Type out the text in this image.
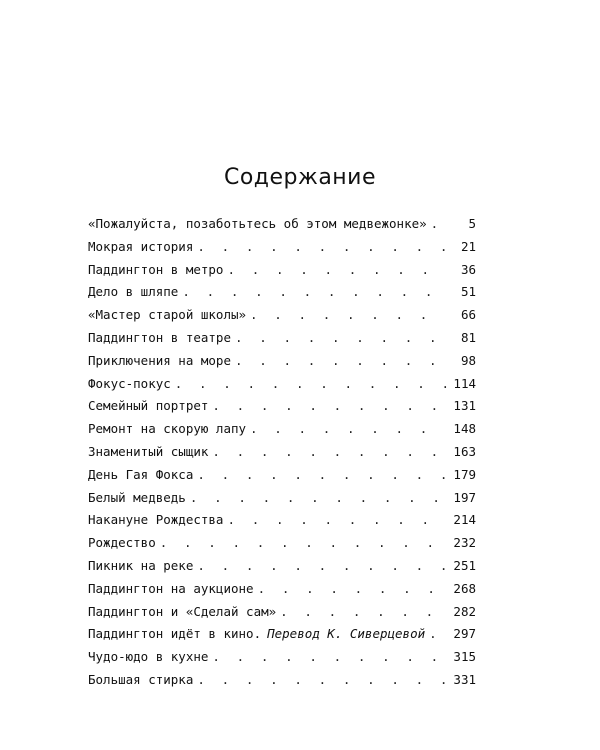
Содержание
«Пожалуйста, позаботьтесь об этом медвежонке» . . .	5
Мокрая история . . .	21
Паддингтон в метро . . .	36
Дело в шляпе . . .	51
«Мастер старой школы» . . .	66
Паддингтон в театре . . .	81
Приключения на море . . .	98
Фокус-покус . . .	114
Семейный портрет . . .	131
Ремонт на скорую лапу . . .	148
Знаменитый сыщик . . .	163
День Гая Фокса . . .	179
Белый медведь . . .	197
Накануне Рождества . . .	214
Рождество . . .	232
Пикник на реке . . .	251
Паддингтон на аукционе . . .	268
Паддингтон и «Сделай сам» . . .	282
Паддингтон идёт в кино. Перевод К. Сиверцевой . . . 297
Чудо-юдо в кухне . . .	315
Большая стирка . . .	331
